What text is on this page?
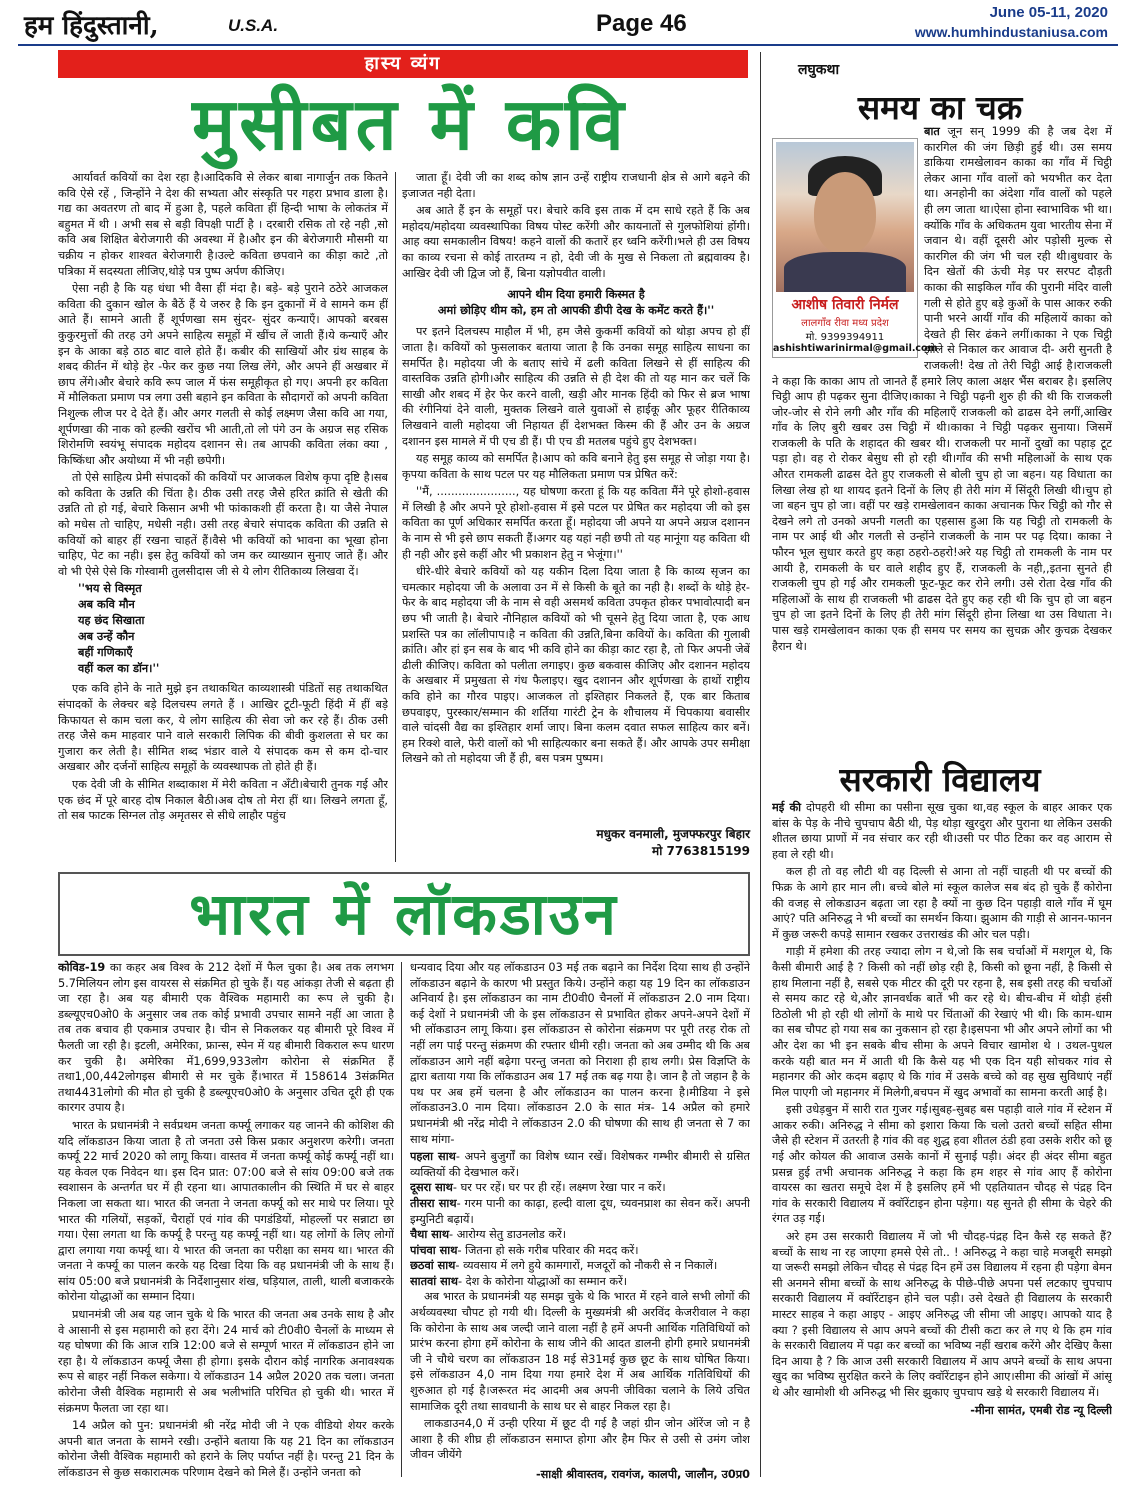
हम हिंदुस्तानी,	U.S.A.	Page 46	June 05-11, 2020
www.humhindustaniusa.com
हास्य व्यंग
मुसीबत में कवि

आर्यावर्त कवियों का देश रहा है।आदिकवि से लेकर बाबा नागार्जुन तक कितने कवि ऐसे रहें , जिन्होंने ने देश की सभ्यता और संस्कृति पर गहरा प्रभाव डाला है।गद्य का अवतरण तो बाद में हुआ है, पहले कविता हीं हिन्दी भाषा के लोकतंत्र में बहुमत में थी । अभी सब से बड़ी विपक्षी पार्टी है । दरबारी रसिक तो रहे नही ,सो कवि अब शिक्षित बेरोजगारी की अवस्था में है।और इन की बेरोजगारी मौसमी या चक्रीय न होकर शाश्वत बेरोजगारी है।उल्टे कविता छपवाने का कीड़ा काटे ,तो पत्रिका में सदस्यता लीजिए,थोड़े पत्र पुष्प अर्पण कीजिए।

ऐसा नही है कि यह धंधा भी वैसा हीं मंदा है। बड़े- बड़े पुराने ठठेरे आजकल कविता की दुकान खोल के बैठें हैं ये जरुर है कि इन दुकानों में वे सामने कम हीं आते हैं। सामने आती हैं शूर्पणखा सम सुंदर- सुंदर कन्याएँ। आपको बरबस कुकुरमुत्तों की तरह उगे अपने साहित्य समूहों में खींच लें जाती हैं।ये कन्याएँ और इन के आका बड़े ठाठ बाट वाले होते हैं। कबीर की साखियों और ग्रंथ साहब के शबद कीर्तन में थोड़े हेर -फेर कर कुछ नया लिख लेंगे, और अपने हीं अखबार में छाप लेंगे।और बेचारे कवि रूप जाल में फंस समूहीकृत हो गए। अपनी हर कविता में मौलिकता प्रमाण पत्र लगा उसी बहाने इन कविता के सौदागरों को अपनी कविता निशुल्क लीज पर दे देते हैं। और अगर गलती से कोई लक्ष्मण जैसा कवि आ गया, शूर्पणखा की नाक को हल्की खरोंच भी आती,तो लो पंगे उन के अग्रज सह रसिक शिरोमणि स्वयंभू संपादक महोदय दशानन से। तब आपकी कविता लंका क्या , किष्किंधा और अयोध्या में भी नही छपेगी।

तो ऐसे साहित्य प्रेमी संपादकों की कवियों पर आजकल विशेष कृपा दृष्टि है।सब को कविता के उन्नति की चिंता है। ठीक उसी तरह जैसे हरित क्रांति से खेती की उन्नति तो हो गई, बेचारे किसान अभी भी फांकाकशी हीं करता है। या जैसे नेपाल को मधेस तो चाहिए, मधेसी नही। उसी तरह बेचारे संपादक कविता की उन्नति से कवियों को बाहर हीं रखना चाहतें हैं।वैसे भी कवियों को भावना का भूखा होना चाहिए, पेट का नही। इस हेतु कवियों को जम कर व्याख्यान सुनाए जाते हैं। और वो भी ऐसे ऐसे कि गोस्वामी तुलसीदास जी से ये लोग रीतिकाव्य लिखवा दें।

''भय से विस्मृत
अब कवि मौन
यह छंद सिखाता
अब उन्हें कौन
बहीं गणिकाएँ
वहीं कल का डॉन।''

एक कवि होने के नाते मुझे इन तथाकथित काव्यशास्त्री पंडितों सह तथाकथित संपादकों के लेक्चर बड़े दिलचस्प लगते हैं । आखिर टूटी-फूटी हिंदी में हीं बड़े किफायत से काम चला कर, ये लोग साहित्य की सेवा जो कर रहे हैं। ठीक उसी तरह जैसे कम माहवार पाने वाले सरकारी लिपिक की बीवी कुशलता से घर का गुजारा कर लेती है। सीमित शब्द भंडार वाले ये संपादक कम से कम दो-चार अखबार और दर्जनों साहित्य समूहों के व्यवस्थापक तो होते ही हैं।

एक देवी जी के सीमित शब्दाकाश में मेरी कविता न अँटी।बेचारी तुनक गई और एक छंद में पूरे बारह दोष निकाल बैठी।अब दोष तो मेरा हीं था। लिखने लगता हूँ, तो सब फाटक सिग्नल तोड़ अमृतसर से सीधे लाहौर पहुंच

जाता हूँ। देवी जी का शब्द कोष ज्ञान उन्हें राष्ट्रीय राजधानी क्षेत्र से आगे बढ़ने की इजाजत नही देता।

अब आते हैं इन के समूहों पर। बेचारे कवि इस ताक में दम साधे रहते हैं कि अब महोदय/महोदया व्यवस्थापिका विषय पोस्ट करेंगी और कायनातों से गुलफोशियां होंगी।आह क्या समकालीन विषय! कहने वालों की कतारें हर ध्वनि करेंगी।भले ही उस विषय का काव्य रचना से कोई तारतम्य न हो, देवी जी के मुख से निकला तो ब्रह्मवाक्य है। आखिर देवी जी द्विज जो हैं, बिना यज्ञोपवीत वाली।

आपने थीम दिया हमारी किस्मत है
अमां छोड़िए थीम को, हम तो आपकी डीपी देख के कमेंट करते हैं।''

पर इतने दिलचस्प माहौल में भी, हम जैसे कुकर्मी कवियों को थोड़ा अपच हो हीं जाता है। कवियों को फुसलाकर बताया जाता है कि उनका समूह साहित्य साधना का समर्पित है। महोदया जी के बताए सांचे में ढली कविता लिखने से हीं साहित्य की वास्तविक उन्नति होगी।और साहित्य की उन्नति से ही देश की तो यह मान कर चलें कि साखी और शबद में हेर फेर करने वाली, खड़ी और मानक हिंदी को फिर से ब्रज भाषा की रंगीनियां देने वाली, मुक्तक लिखने वाले युवाओं से हाईकू और फूहर रीतिकाव्य लिखवाने वाली महोदया जी निहायत हीं देशभक्त किस्म की हैं और उन के अग्रज दशानन इस मामले में पी एच डी हैं। पी एच डी मतलब पहुंचे हुए देशभक्त।

यह समूह काव्य को समर्पित है।आप को कवि बनाने हेतु इस समूह से जोड़ा गया है। कृपया कविता के साथ पटल पर यह मौलिकता प्रमाण पत्र प्रेषित करें:

''मैं, ......................, यह घोषणा करता हूं कि यह कविता मैंने पूरे होशो-हवास में लिखी है और अपने पूरे होशो-हवास में इसे पटल पर प्रेषित कर महोदया जी को इस कविता का पूर्ण अधिकार समर्पित करता हूँ। महोदया जी अपने या अपने अग्रज दशानन के नाम से भी इसे छाप सकती हैं।अगर यह यहां नही छपी तो यह मानूंगा यह कविता थी ही नही और इसे कहीं और भी प्रकाशन हेतु न भेजूंगा।''

धीरे-धीरे बेचारे कवियों को यह यकीन दिला दिया जाता है कि काव्य सृजन का चमत्कार महोदया जी के अलावा उन में से किसी के बूते का नही है। शब्दों के थोड़े हेर-फेर के बाद महोदया जी के नाम से वही असमर्थ कविता उपकृत होकर पभावोत्पादी बन छप भी जाती है। बेचारे नौनिहाल कवियों को भी चूसने हेतु दिया जाता है, एक आध प्रशस्ति पत्र का लॉलीपाप।है न कविता की उन्नति,बिना कवियों के। कविता की गुलाबी क्रांति। और हां इन सब के बाद भी कवि होने का कीड़ा काट रहा है, तो फिर अपनी जेबें ढीली कीजिए। कविता को पलीता लगाइए। कुछ बकवास कीजिए और दशानन महोदय के अखबार में प्रमुखता से गंध फैलाइए। खुद दशानन और शूर्पणखा के हाथों राष्ट्रीय कवि होने का गौरव पाइए। आजकल तो इश्तिहार निकलते हैं, एक बार किताब छपवाइए, पुरस्कार/सम्मान की शर्तिया गारंटी ट्रेन के शौचालय में चिपकाया बवासीर वाले चांदसी वैद्य का इश्तिहार शर्मा जाए। बिना कलम दवात सफल साहित्य कार बनें। हम रिक्शे वाले, फेरी वालों को भी साहित्यकार बना सकते हैं। और आपके उपर समीक्षा लिखने को तो महोदया जी हैं ही, बस पत्रम पुष्पम।

मधुकर वनमाली, मुजफ्फरपुर बिहार
मो 7763815199
लघुकथा
समय का चक्र

बात जून सन् 1999 की है जब देश में कारगिल की जंग छिड़ी हुई थी। उस समय डाकिया रामखेलावन काका का गाँव में चिट्ठी लेकर आना गाँव वालों को भयभीत कर देता था। अनहोनी का अंदेशा गाँव वालों को पहले ही लग जाता था।ऐसा होना स्वाभाविक भी था।क्योंकि गाँव के अधिकतम युवा भारतीय सेना में जवान थे। वहीं दूसरी ओर पड़ोसी मुल्क से कारगिल की जंग भी चल रही थी।बुधवार के दिन खेतों की ऊंची मेड़ पर सरपट दौड़ती काका की साइकिल गाँव की पुरानी मंदिर वाली गली से होते हुए बड़े कुओं के पास आकर रुकी पानी भरने आयीं गाँव की महिलायें काका को देखते ही सिर ढंकने लगीं।काका ने एक चिट्ठी झोले से निकाल कर आवाज दी- अरी सुनती है राजकली! देख तो तेरी चिट्ठी आई है।राजकली ने कहा कि काका आप तो जानते हैं हमारे लिए काला अक्षर भैंस बराबर है। इसलिए चिट्ठी आप ही पढ़कर सुना दीजिए।काका ने चिट्ठी पढ़नी शुरु ही की थी कि राजकली जोर-जोर से रोने लगी और गाँव की महिलाएँ राजकली को ढाढस देने लगीं,आखिर गाँव के लिए बुरी खबर उस चिट्ठी में थी।काका ने चिट्ठी पढ़कर सुनाया। जिसमें राजकली के पति के शहादत की खबर थी। राजकली पर मानों दुखों का पहाड़ टूट पड़ा हो। वह रो रोकर बेसुध सी हो रही थी।गाँव की सभी महिलाओं के साथ एक औरत रामकली ढाढस देते हुए राजकली से बोली चुप हो जा बहन। यह विधाता का लिखा लेख हो था शायद इतने दिनों के लिए ही तेरी मांग में सिंदूरी लिखी थी।चुप हो जा बहन चुप हो जा। वहीं पर खड़े रामखेलावन काका अचानक फिर चिट्ठी को गौर से देखने लगे तो उनको अपनी गलती का एहसास हुआ कि यह चिट्ठी तो रामकली के नाम पर आई थी और गलती से उन्होंने राजकली के नाम पर पढ़ दिया। काका ने फौरन भूल सुधार करते हुए कहा ठहरो-ठहरो!अरे यह चिट्ठी तो रामकली के नाम पर आयी है, रामकली के घर वाले शहीद हुए हैं, राजकली के नही,,इतना सुनते ही राजकली चुप हो गई और रामकली फूट-फूट कर रोने लगी। उसे रोता देख गाँव की महिलाओं के साथ ही राजकली भी ढाढस देते हुए कह रही थी कि चुप हो जा बहन चुप हो जा इतने दिनों के लिए ही तेरी मांग सिंदूरी होना लिखा था उस विधाता ने। पास खड़े रामखेलावन काका एक ही समय पर समय का सुचक्र और कुचक्र देखकर हैरान थे।

आशीष तिवारी निर्मल
लालगाँव रीवा मध्य प्रदेश
मो. 9399394911
ashishtiwarinirmal@gmail.com
सरकारी विद्यालय

मई की दोपहरी थी सीमा का पसीना सूख चुका था,वह स्कूल के बाहर आकर एक बांस के पेड़ के नीचे चुपचाप बैठी थी, पेड़ थोड़ा खुरदुरा और पुराना था लेकिन उसकी शीतल छाया प्राणों में नव संचार कर रही थी।उसी पर पीठ टिका कर वह आराम से हवा ले रही थी।

कल ही तो वह लौटी थी वह दिल्ली से आना तो नहीं चाहती थी पर बच्चों की फिक्र के आगे हार मान ली। बच्चे बोले मां स्कूल कालेज सब बंद हो चुके हैं कोरोना की वजह से लोकडाउन बढ़ता जा रहा है क्यों ना कुछ दिन पहाड़ी वाले गाँव में घूम आएं? पति अनिरुद्ध ने भी बच्चों का समर्थन किया। झुआम की गाड़ी से आनन-फानन में कुछ जरूरी कपड़े सामान रखकर उत्तराखंड की ओर चल पड़ी।

गाड़ी में हमेशा की तरह ज्यादा लोग न थे,जो कि सब चर्चाओं में मशगूल थे, कि कैसी बीमारी आई है ? किसी को नहीं छोड़ रही है, किसी को छूना नहीं, है किसी से हाथ मिलाना नहीं है, सबसे एक मीटर की दूरी पर रहना है, सब इसी तरह की चर्चाओं से समय काट रहे थे,और ज्ञानवर्धक बातें भी कर रहे थे। बीच-बीच में थोड़ी हंसी ठिठोली भी हो रही थी लोगों के माथे पर चिंताओं की रेखाएं भी थी। कि काम-धाम का सब चौपट हो गया सब का नुकसान हो रहा है।इसपना भी और अपने लोगों का भी और देश का भी इन सबके बीच सीमा के अपने विचार खामोश थे । उथल-पुथल करके यही बात मन में आती थी कि कैसे यह भी एक दिन यही सोचकर गांव से महानगर की ओर कदम बढ़ाए थे कि गांव में उसके बच्चे को वह सुख सुविधाएं नहीं मिल पाएगी जो महानगर में मिलेगी,बचपन में खुद अभावों का सामना करती आई है।

इसी उधेड़बुन में सारी रात गुजर गई।सुबह-सुबह बस पहाड़ी वाले गांव में स्टेशन में आकर रुकी। अनिरुद्ध ने सीमा को इशारा किया कि चलो उतरो बच्चों सहित सीमा जैसे ही स्टेशन में उतरती है गांव की वह शुद्ध हवा शीतल ठंडी हवा उसके शरीर को छू गई और कोयल की आवाज उसके कानों में सुनाई पड़ी। अंदर ही अंदर सीमा बहुत प्रसन्न हुई तभी अचानक अनिरुद्ध ने कहा कि हम शहर से गांव आए हैं कोरोना वायरस का खतरा समूचे देश में है इसलिए हमें भी एहतियातन चौदह से पंद्रह दिन गांव के सरकारी विद्यालय में क्वॉरेंटाइन होना पड़ेगा। यह सुनते ही सीमा के चेहरे की रंगत उड़ गई।

अरे हम उस सरकारी विद्यालय में जो भी चौदह-पंद्रह दिन कैसे रह सकते हैं? बच्चों के साथ ना रह जाएगा हमसे ऐसे तो.. ! अनिरुद्ध ने कहा चाहे मजबूरी समझो या जरूरी समझो लेकिन चौदह से पंद्रह दिन हमें उस विद्यालय में रहना ही पड़ेगा बेमन सी अनमने सीमा बच्चों के साथ अनिरुद्ध के पीछे-पीछे अपना पर्स लटकाए चुपचाप सरकारी विद्यालय में क्वॉरेंटाइन होने चल पड़ी। उसे देखते ही विद्यालय के सरकारी मास्टर साहब ने कहा आइए - आइए अनिरुद्ध जी सीमा जी आइए। आपको याद है क्या ? इसी विद्यालय से आप अपने बच्चों की टीसी कटा कर ले गए थे कि हम गांव के सरकारी विद्यालय में पढ़ा कर बच्चों का भविष्य नहीं खराब करेंगे और देखिए कैसा दिन आया है ? कि आज उसी सरकारी विद्यालय में आप अपने बच्चों के साथ अपना खुद का भविष्य सुरक्षित करने के लिए क्वॉरेंटाइन होने आए।सीमा की आंखों में आंसू थे और खामोशी थी अनिरुद्ध भी सिर झुकाए चुपचाप खड़े थे सरकारी विद्यालय में।

-मीना सामंत, एमबी रोड न्यू दिल्ली
भारत में लॉकडाउन

कोविड-19 का कहर अब विश्व के 212 देशों में फैल चुका है। अब तक लगभग 5.7मिलियन लोग इस वायरस से संक्रमित हो चुके हैं। यह आंकड़ा तेजी से बढ़ता ही जा रहा है। अब यह बीमारी एक वैश्विक महामारी का रूप ले चुकी है। डब्ल्यूएच0ओ0 के अनुसार जब तक कोई प्रभावी उपचार सामने नहीं आ जाता है तब तक बचाव ही एकमात्र उपचार है। चीन से निकलकर यह बीमारी पूरे विश्व में फैलती जा रही है। इटली, अमेरिका, फ्रान्स, स्पेन में यह बीमारी विकराल रूप धारण कर चुकी है। अमेरिका में1,699,933लोग कोरोना से संक्रमित हैं तथा1,00,442लोगइस बीमारी से मर चुके हैं।भारत में 158614 3संक्रमित तथा4431लोगो की मौत हो चुकी है डब्ल्यूएच0ओ0 के अनुसार उचित दूरी ही एक कारगर उपाय है।

भारत के प्रधानमंत्री ने सर्वप्रथम जनता कर्फ्यू लगाकर यह जानने की कोशिश की यदि लॉकडाउन किया जाता है तो जनता उसे किस प्रकार अनुशरण करेगी। जनता कर्फ्यू 22 मार्च 2020 को लागू किया। वास्तव में जनता कर्फ्यू कोई कर्फ्यू नहीं था। यह केवल एक निवेदन था। इस दिन प्रात: 07:00 बजे से सांय 09:00 बजे तक स्वशासन के अन्तर्गत घर में ही रहना था। आपातकालीन की स्थिति में घर से बाहर निकला जा सकता था। भारत की जनता ने जनता कर्फ्यू को सर माथे पर लिया। पूरे भारत की गलियों, सड़कों, चैराहों एवं गांव की पगडंडियों, मोहल्लों पर सन्नाटा छा गया। ऐसा लगता था कि कर्फ्यू है परन्तु यह कर्फ्यू नहीं था। यह लोगों के लिए लोगों द्वारा लगाया गया कर्फ्यू था। ये भारत की जनता का परीक्षा का समय था। भारत की जनता ने कर्फ्यू का पालन करके यह दिखा दिया कि वह प्रधानमंत्री जी के साथ हैं। सांय 05:00 बजे प्रधानमंत्री के निर्देशानुसार शंख, घड़ियाल, ताली, थाली बजाकरके कोरोना योद्धाओं का सम्मान दिया।

प्रधानमंत्री जी अब यह जान चुके थे कि भारत की जनता अब उनके साथ है और वे आसानी से इस महामारी को हरा देंगे। 24 मार्च को टी0वी0 चैनलों के माध्यम से यह घोषणा की कि आज रात्रि 12:00 बजे से सम्पूर्ण भारत में लॉकडाउन होने जा रहा है। ये लॉकडाउन कर्फ्यू जैसा ही होगा। इसके दौरान कोई नागरिक अनावश्यक रूप से बाहर नहीं निकल सकेगा। ये लॉकडाउन 14 अप्रैल 2020 तक चला। जनता कोरोना जैसी वैश्विक महामारी से अब भलीभांति परिचित हो चुकी थी। भारत में संक्रमण फैलता जा रहा था।

14 अप्रैल को पुन: प्रधानमंत्री श्री नरेंद्र मोदी जी ने एक वीडियो शेयर करके अपनी बात जनता के सामने रखी। उन्होंने बताया कि यह 21 दिन का लॉकडाउन कोरोना जैसी वैश्विक महामारी को हराने के लिए पर्याप्त नहीं है। परन्तु 21 दिन के लॉकडाउन से कुछ सकारात्मक परिणाम देखने को मिले हैं। उन्होंने जनता को

धन्यवाद दिया और यह लॉकडाउन 03 मई तक बढ़ाने का निर्देश दिया साथ ही उन्होंने लॉकडाउन बढ़ाने के कारण भी प्रस्तुत किये। उन्होंने कहा यह 19 दिन का लॉकडाउन अनिवार्य है। इस लॉकडाउन का नाम टी0वी0 चैनलों में लॉकडाउन 2.0 नाम दिया। कई देशों ने प्रधानमंत्री जी के इस लॉकडाउन से प्रभावित होकर अपने-अपने देशों में भी लॉकडाउन लागू किया। इस लॉकडाउन से कोरोना संक्रमण पर पूरी तरह रोक तो नहीं लग पाई परन्तु संक्रमण की रफ्तार धीमी रही। जनता को अब उम्मीद थी कि अब लॉकडाउन आगे नहीं बढ़ेगा परन्तु जनता को निराशा ही हाथ लगी। प्रेस विज्ञप्ति के द्वारा बताया गया कि लॉकडाउन अब 17 मई तक बढ़ गया है। जान है तो जहान है के पथ पर अब हमें चलना है और लॉकडाउन का पालन करना है।मीडिया ने इसे लॉकडाउन3.0 नाम दिया। लॉकडाउन 2.0 के सात मंत्र- 14 अप्रैल को हमारे प्रधानमंत्री श्री नरेंद्र मोदी ने लॉकडाउन 2.0 की घोषणा की साथ ही जनता से 7 का साथ मांगा-

पहला साथ- अपने बुजुर्गों का विशेष ध्यान रखें। विशेषकर गम्भीर बीमारी से ग्रसित व्यक्तियों की देखभाल करें।
दूसरा साथ- घर पर रहें। घर पर ही रहें। लक्ष्मण रेखा पार न करें।
तीसरा साथ- गरम पानी का काढ़ा, हल्दी वाला दूध, च्यवनप्राश का सेवन करें। अपनी इम्युनिटी बढ़ायें।
चैथा साथ- आरोग्य सेतु डाउनलोड करें।
पांचवा साथ- जितना हो सके गरीब परिवार की मदद करें।
छठवां साथ- व्यवसाय में लगे हुये कामगारों, मजदूरों को नौकरी से न निकालें।
सातवां साथ- देश के कोरोना योद्धाओं का सम्मान करें।

अब भारत के प्रधानमंत्री यह समझ चुके थे कि भारत में रहने वाले सभी लोगों की अर्थव्यवस्था चौपट हो गयी थी। दिल्ली के मुख्यमंत्री श्री अरविंद केजरीवाल ने कहा कि कोरोना के साथ अब जल्दी जाने वाला नहीं है हमें अपनी आर्थिक गतिविधियों को प्रारंभ करना होगा हमें कोरोना के साथ जीने की आदत डालनी होगी हमारे प्रधानमंत्री जी ने चौथे चरण का लॉकडाउन 18 मई से31मई कुछ छूट के साथ घोषित किया। इसे लॉकडाउन 4,0 नाम दिया गया हमारे देश में अब आर्थिक गतिविधियों की शुरुआत हो गई है।जरूरत मंद आदमी अब अपनी जीविका चलाने के लिये उचित सामाजिक दूरी तथा सावधानी के साथ घर से बाहर निकल रहा है।

लाकडाउन4,0 में उन्ही एरिया में छूट दी गई है जहां ग्रीन जोन ऑरेंज जो न है आशा है की शीघ्र ही लॉकडाउन समाप्त होगा और हैम फिर से उसी से उमंग जोश जीवन जीयेंगे

-साक्षी श्रीवास्तव, रावगंज, कालपी, जालौन, उ0प्र0
